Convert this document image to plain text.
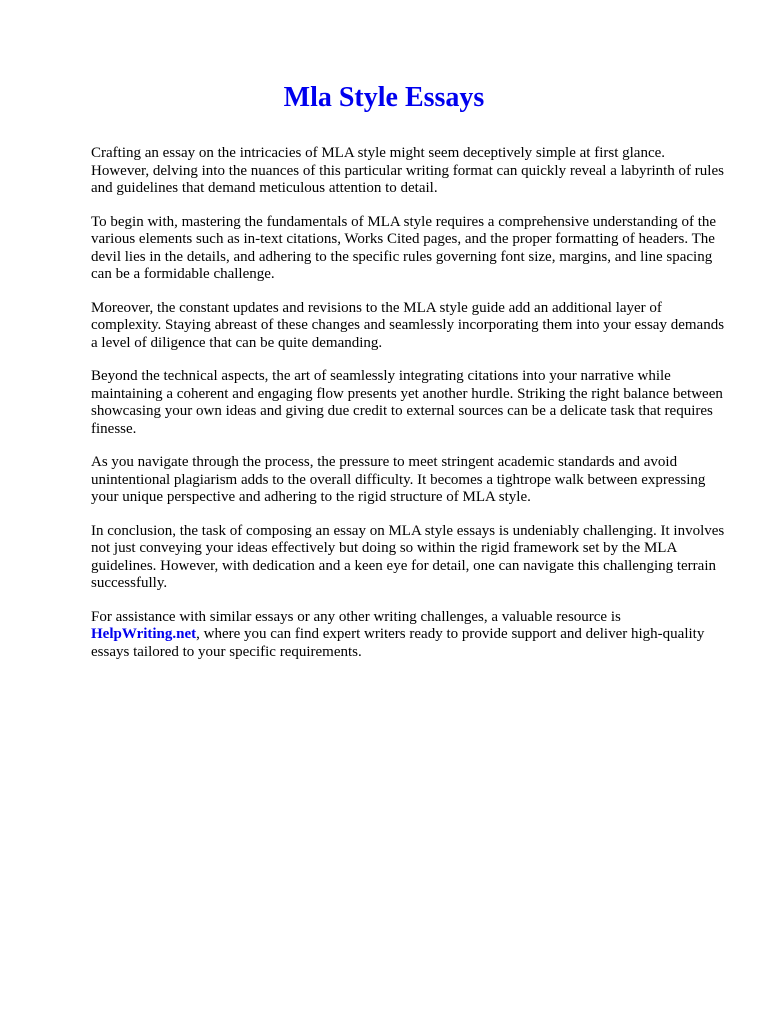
Mla Style Essays

Crafting an essay on the intricacies of MLA style might seem deceptively simple at first glance. However, delving into the nuances of this particular writing format can quickly reveal a labyrinth of rules and guidelines that demand meticulous attention to detail.

To begin with, mastering the fundamentals of MLA style requires a comprehensive understanding of the various elements such as in-text citations, Works Cited pages, and the proper formatting of headers. The devil lies in the details, and adhering to the specific rules governing font size, margins, and line spacing can be a formidable challenge.

Moreover, the constant updates and revisions to the MLA style guide add an additional layer of complexity. Staying abreast of these changes and seamlessly incorporating them into your essay demands a level of diligence that can be quite demanding.

Beyond the technical aspects, the art of seamlessly integrating citations into your narrative while maintaining a coherent and engaging flow presents yet another hurdle. Striking the right balance between showcasing your own ideas and giving due credit to external sources can be a delicate task that requires finesse.

As you navigate through the process, the pressure to meet stringent academic standards and avoid unintentional plagiarism adds to the overall difficulty. It becomes a tightrope walk between expressing your unique perspective and adhering to the rigid structure of MLA style.

In conclusion, the task of composing an essay on MLA style essays is undeniably challenging. It involves not just conveying your ideas effectively but doing so within the rigid framework set by the MLA guidelines. However, with dedication and a keen eye for detail, one can navigate this challenging terrain successfully.

For assistance with similar essays or any other writing challenges, a valuable resource is HelpWriting.net, where you can find expert writers ready to provide support and deliver high-quality essays tailored to your specific requirements.
